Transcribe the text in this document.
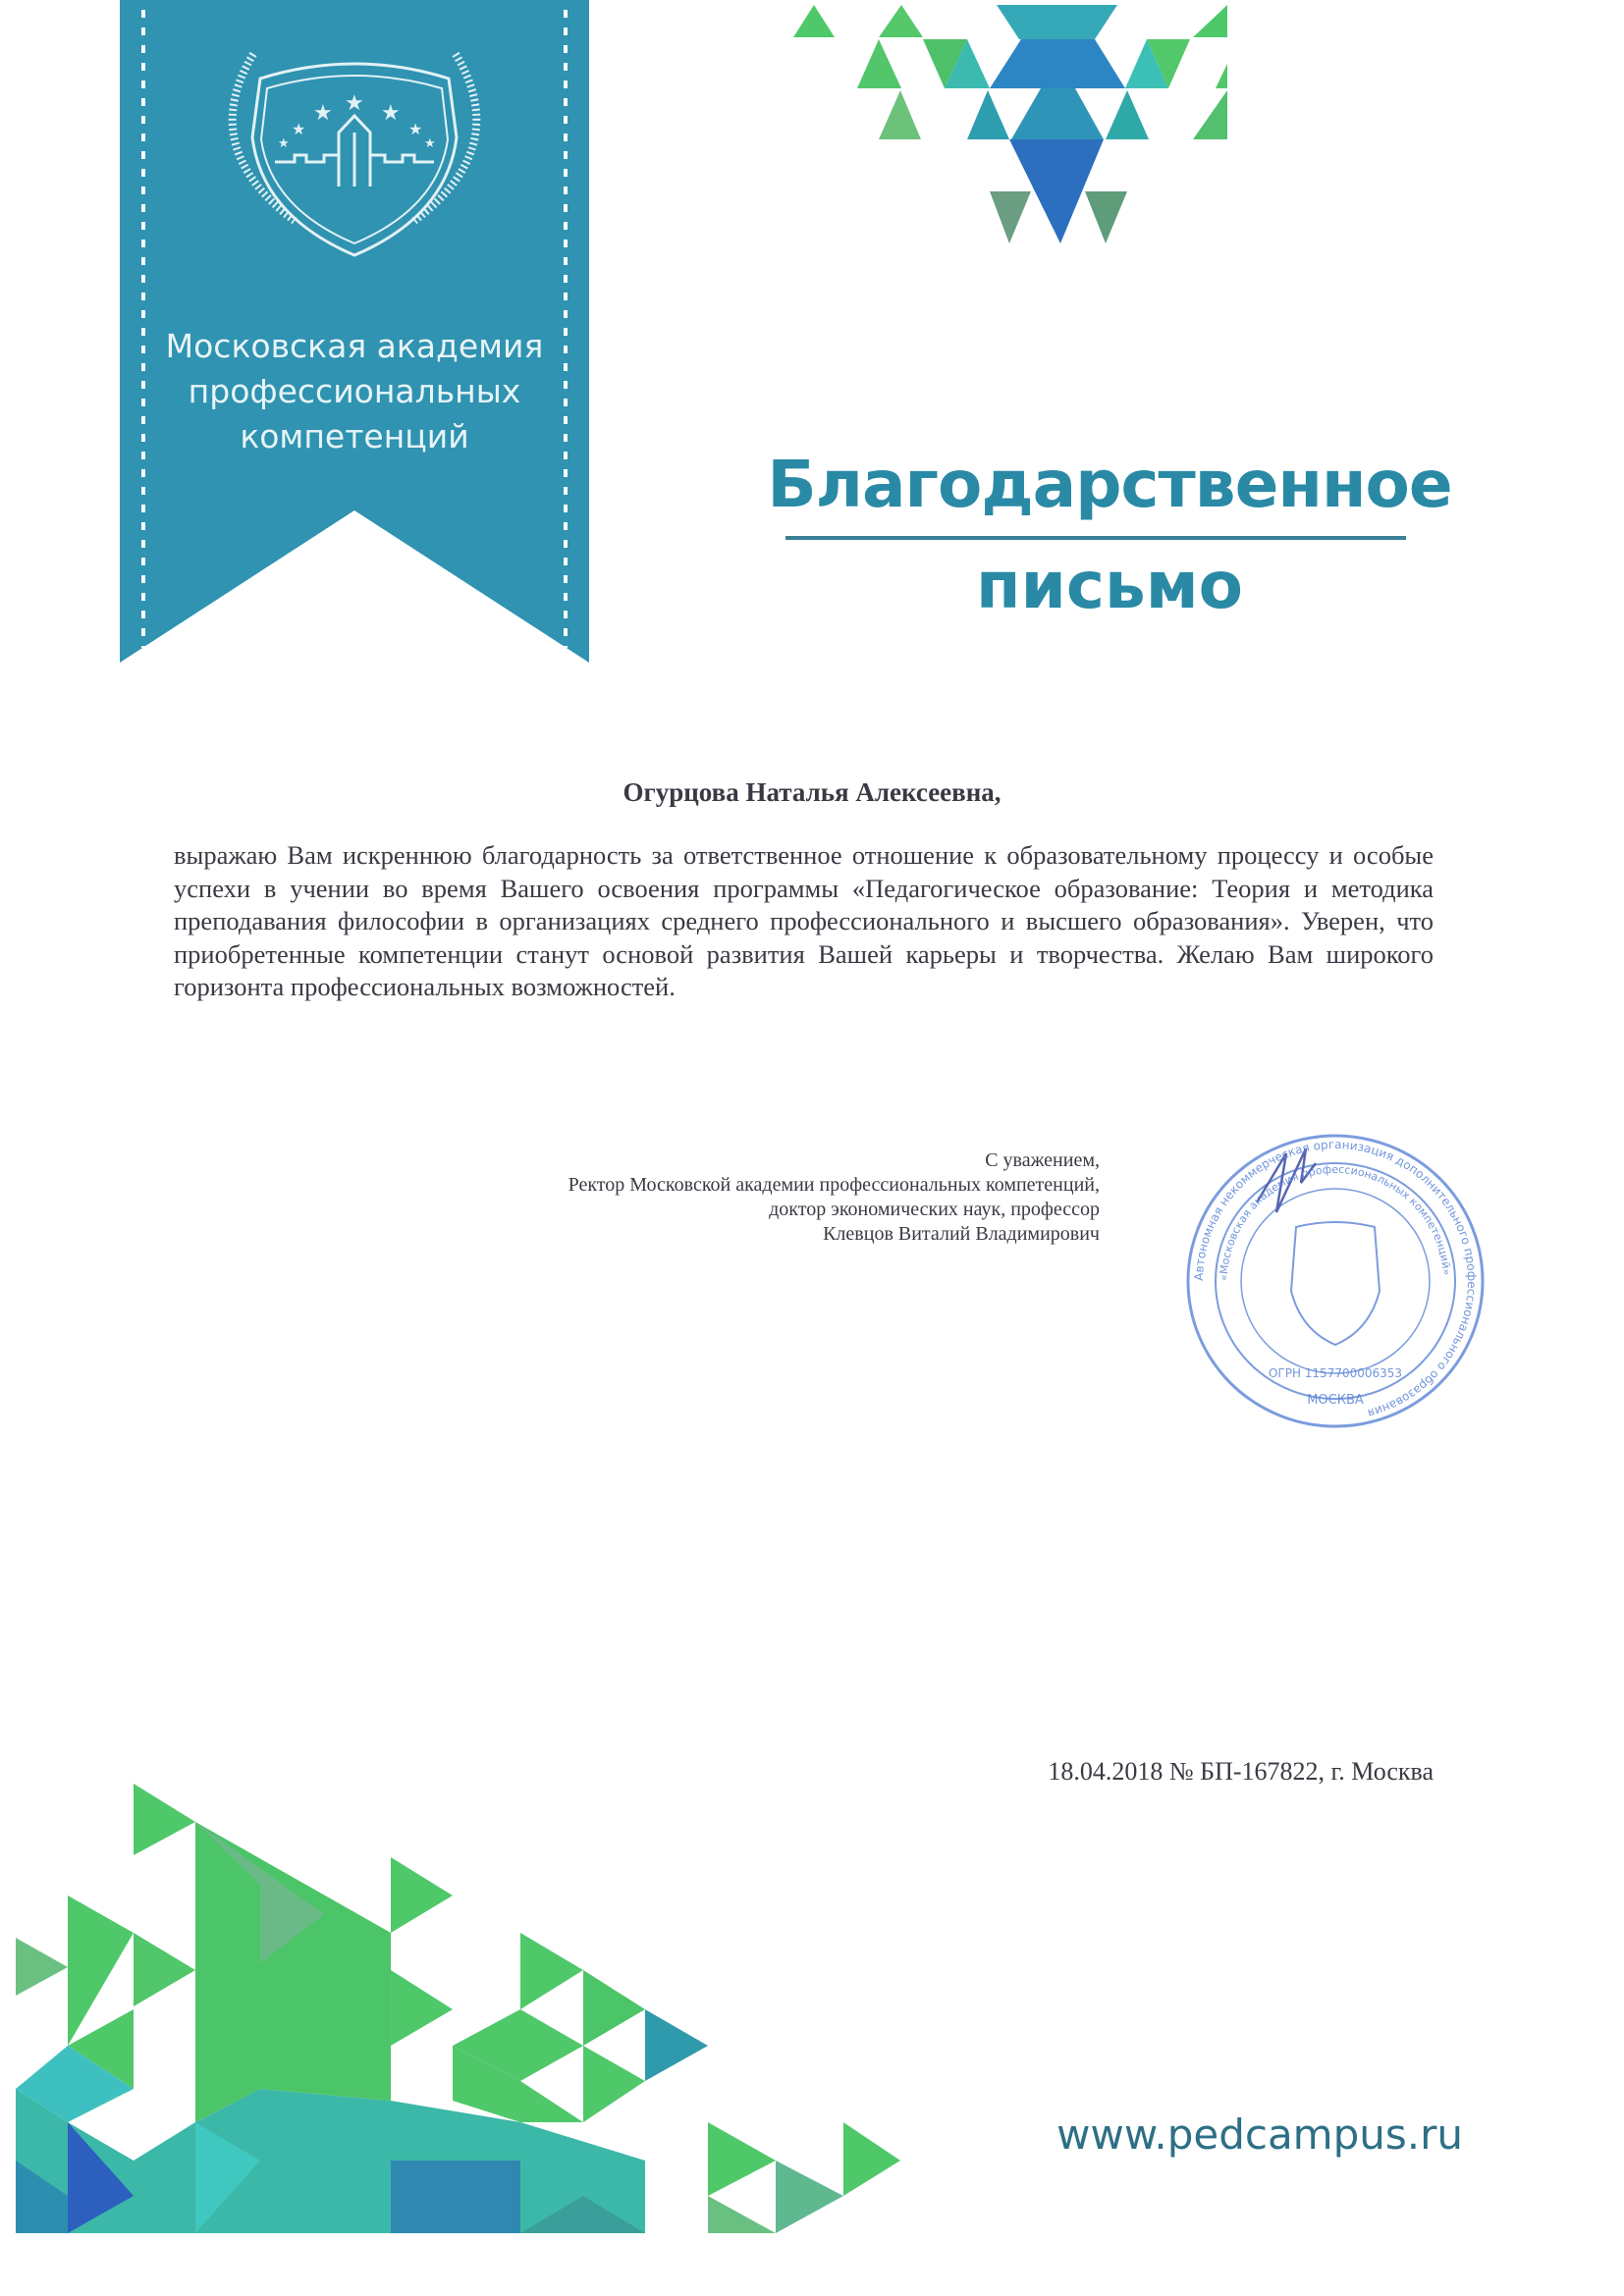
★
★ ★
★	★
★	★
Московская академия
профессиональных
компетенций
Благодарственное
письмо
Огурцова Наталья Алексеевна,
выражаю Вам искреннюю благодарность за ответственное отношение к образовательному процессу и особые успехи в учении во время Вашего освоения программы «Педагогическое образование: Теория и методика преподавания философии в организациях среднего профессионального и высшего образования». Уверен, что приобретенные компетенции станут основой развития Вашей карьеры и творчества. Желаю Вам широкого горизонта профессиональных возможностей.
С уважением,
Ректор Московской академии профессиональных компетенций,
доктор экономических наук, профессор
Клевцов Виталий Владимирович
Автономная некоммерческая организация дополнительного профессионального образования
«Московская академия профессиональных компетенций»
ОГРН 1157700006353
МОСКВА
18.04.2018 № БП-167822, г. Москва
www.pedcampus.ru
